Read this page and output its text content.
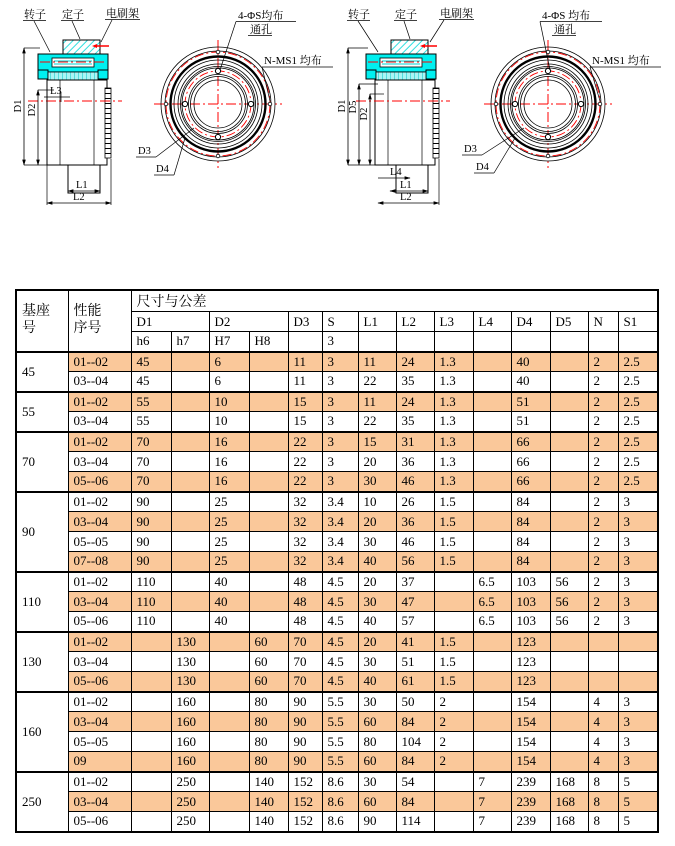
转子 定子 电刷架
D1 D2
L3
L1
L2
4-ΦS均布
通孔
N-MS1 均布
D3
D4
转子 定子 电刷架
D1 D5
D2
L4
L1
L2
4-ΦS 均布
通孔
N-MS1 均布
D3
D4
基座号	性能序号	尺寸与公差													
		D1		D2		D3	S	L1	L2	L3	L4	D4	D5	N	S1
		h6	h7	H7	H8		3								
45	01--02	45		6		11	3	11	24	1.3		40		2	2.5
	03--04	45		6		11	3	22	35	1.3		40		2	2.5
55	01--02	55		10		15	3	11	24	1.3		51		2	2.5
	03--04	55		10		15	3	22	35	1.3		51		2	2.5
70	01--02	70		16		22	3	15	31	1.3		66		2	2.5
	03--04	70		16		22	3	20	36	1.3		66		2	2.5
	05--06	70		16		22	3	30	46	1.3		66		2	2.5
90	01--02	90		25		32	3.4	10	26	1.5		84		2	3
	03--04	90		25		32	3.4	20	36	1.5		84		2	3
	05--05	90		25		32	3.4	30	46	1.5		84		2	3
	07--08	90		25		32	3.4	40	56	1.5		84		2	3
110	01--02	110		40		48	4.5	20	37		6.5	103	56	2	3
	03--04	110		40		48	4.5	30	47		6.5	103	56	2	3
	05--06	110		40		48	4.5	40	57		6.5	103	56	2	3
130	01--02		130		60	70	4.5	20	41	1.5		123			
	03--04		130		60	70	4.5	30	51	1.5		123			
	05--06		130		60	70	4.5	40	61	1.5		123			
160	01--02		160		80	90	5.5	30	50	2		154		4	3
	03--04		160		80	90	5.5	60	84	2		154		4	3
	05--05		160		80	90	5.5	80	104	2		154		4	3
	09		160		80	90	5.5	60	84	2		154		4	3
250	01--02		250		140	152	8.6	30	54		7	239	168	8	5
	03--04		250		140	152	8.6	60	84		7	239	168	8	5
	05--06		250		140	152	8.6	90	114		7	239	168	8	5
